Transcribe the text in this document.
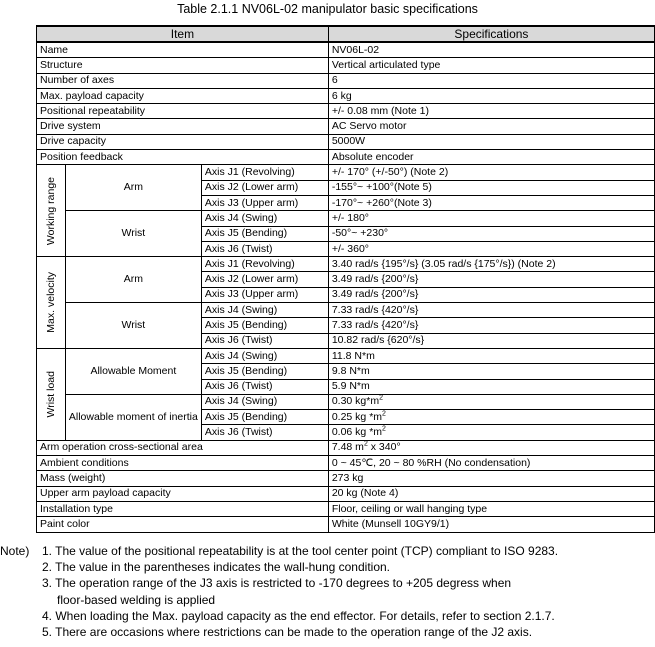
Table 2.1.1 NV06L-02 manipulator basic specifications
Item			Specifications
Name			NV06L-02
Structure			Vertical articulated type
Number of axes			6
Max. payload capacity			6 kg
Positional repeatability			+/- 0.08 mm (Note 1)
Drive system			AC Servo motor
Drive capacity			5000W
Position feedback			Absolute encoder

Working range	Arm	Axis J1 (Revolving)	+/- 170° (+/-50°) (Note 2)
		Axis J2 (Lower arm)	-155°~ +100°(Note 5)
		Axis J3 (Upper arm)	-170°~ +260°(Note 3)
	Wrist	Axis J4 (Swing)	+/- 180°
		Axis J5 (Bending)	-50°~ +230°
		Axis J6 (Twist)	+/- 360°

Max. velocity	Arm	Axis J1 (Revolving)	3.40 rad/s {195°/s} (3.05 rad/s {175°/s}) (Note 2)
		Axis J2 (Lower arm)	3.49 rad/s {200°/s}
		Axis J3 (Upper arm)	3.49 rad/s {200°/s}
	Wrist	Axis J4 (Swing)	7.33 rad/s {420°/s}
		Axis J5 (Bending)	7.33 rad/s {420°/s}
		Axis J6 (Twist)	10.82 rad/s {620°/s}

Wrist load	Allowable Moment	Axis J4 (Swing)	11.8 N*m
		Axis J5 (Bending)	9.8 N*m
		Axis J6 (Twist)	5.9 N*m
	Allowable moment of inertia	Axis J4 (Swing)	0.30 $kg*m^2$
		Axis J5 (Bending)	0.25 kg $*m^2$
		Axis J6 (Twist)	0.06 kg $*m^2$
Arm operation cross-sectional area			7.48 $m^2$ x 340°
Ambient conditions			0 ~ 45℃, 20 ~ 80 %RH (No condensation)
Mass (weight)			273 kg
Upper arm payload capacity			20 kg (Note 4)
Installation type			Floor, ceiling or wall hanging type
Paint color			White (Munsell 10GY9/1)
Note)	1. The value of the positional repeatability is at the tool center point (TCP) compliant to ISO 9283.
2. The value in the parentheses indicates the wall-hung condition.
3. The operation range of the J3 axis is restricted to -170 degrees to +205 degress when
floor-based welding is applied
4. When loading the Max. payload capacity as the end effector. For details, refer to section 2.1.7.
5. There are occasions where restrictions can be made to the operation range of the J2 axis.
